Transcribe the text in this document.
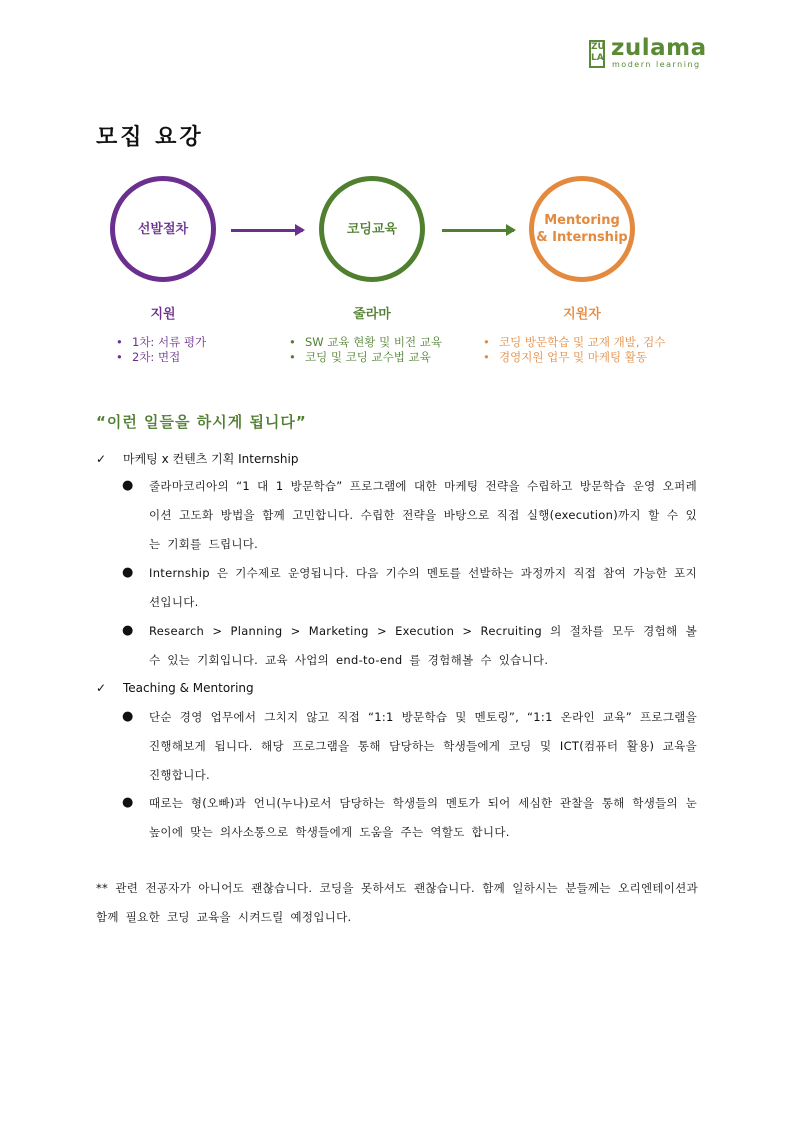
ZU
LA zulama
modern learning
모집 요강
선발절차	코딩교육
Mentoring
& Internship
지원	줄라마	지원자
• 1차: 서류 평가
• 2차: 면접
• SW 교육 현황 및 비전 교육
• 코딩 및 코딩 교수법 교육
• 코딩 방문학습 및 교재 개발, 검수
• 경영지원 업무 및 마케팅 활동
“이런 일들을 하시게 됩니다”
✓ 마케팅 x 컨텐츠 기획 Internship
● 줄라마코리아의 “1 대 1 방문학습” 프로그램에 대한 마케팅 전략을 수립하고 방문학습 운영 오퍼레이션 고도화 방법을 함께 고민합니다. 수립한 전략을 바탕으로 직접 실행(execution)까지 할 수 있는 기회를 드립니다.
● Internship 은 기수제로 운영됩니다. 다음 기수의 멘토를 선발하는 과정까지 직접 참여 가능한 포지션입니다.
● Research > Planning > Marketing > Execution > Recruiting 의 절차를 모두 경험해 볼 수 있는 기회입니다. 교육 사업의 end-to-end 를 경험해볼 수 있습니다.
✓ Teaching & Mentoring
● 단순 경영 업무에서 그치지 않고 직접 “1:1 방문학습 및 멘토링”, “1:1 온라인 교육” 프로그램을 진행해보게 됩니다. 해당 프로그램을 통해 담당하는 학생들에게 코딩 및 ICT(컴퓨터 활용) 교육을 진행합니다.
● 때로는 형(오빠)과 언니(누나)로서 담당하는 학생들의 멘토가 되어 세심한 관찰을 통해 학생들의 눈높이에 맞는 의사소통으로 학생들에게 도움을 주는 역할도 합니다.
** 관련 전공자가 아니어도 괜찮습니다. 코딩을 못하셔도 괜찮습니다. 함께 일하시는 분들께는 오리엔테이션과 함께 필요한 코딩 교육을 시켜드릴 예정입니다.
